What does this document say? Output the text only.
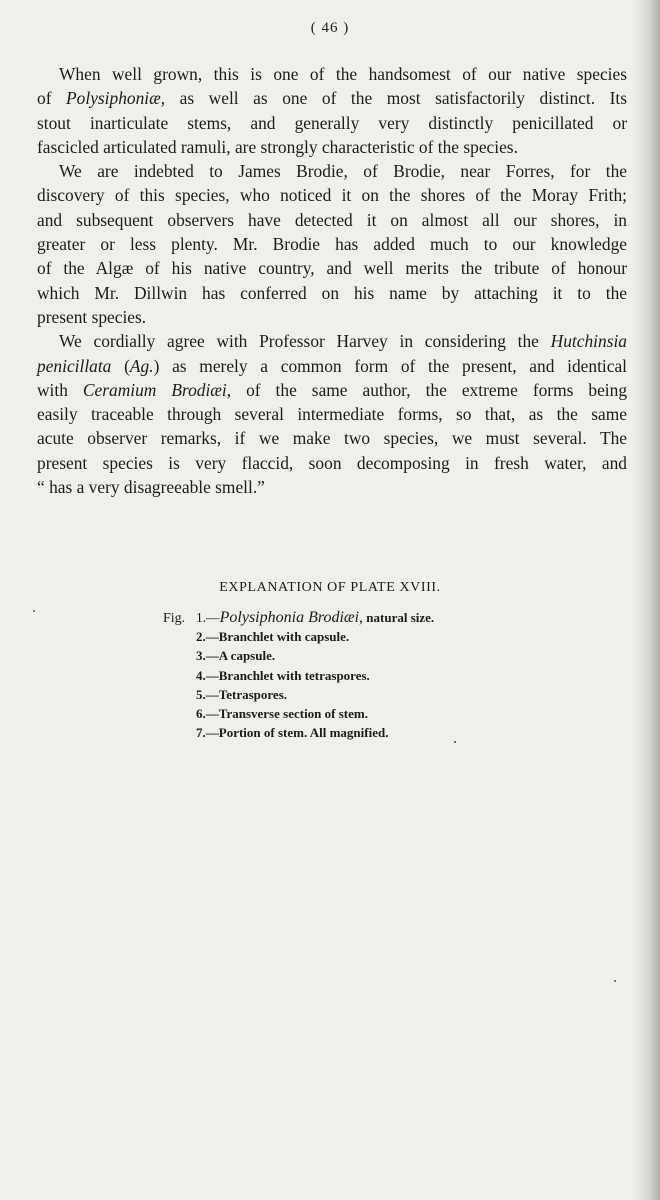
( 46 )
When well grown, this is one of the handsomest of our native species
of Polysiphoniæ, as well as one of the most satisfactorily distinct. Its
stout inarticulate stems, and generally very distinctly penicillated or
fascicled articulated ramuli, are strongly characteristic of the species.
We are indebted to James Brodie, of Brodie, near Forres, for the
discovery of this species, who noticed it on the shores of the Moray Frith;
and subsequent observers have detected it on almost all our shores, in
greater or less plenty. Mr. Brodie has added much to our knowledge
of the Algæ of his native country, and well merits the tribute of honour
which Mr. Dillwin has conferred on his name by attaching it to the
present species.
We cordially agree with Professor Harvey in considering the Hutchinsia
penicillata (Ag.) as merely a common form of the present, and identical
with Ceramium Brodiæi, of the same author, the extreme forms being
easily traceable through several intermediate forms, so that, as the same
acute observer remarks, if we make two species, we must several. The
present species is very flaccid, soon decomposing in fresh water, and
“ has a very disagreeable smell.”
EXPLANATION OF PLATE XVIII.
Fig. 1.—Polysiphonia Brodiæi, natural size.
2.—Branchlet with capsule.
3.—A capsule.
4.—Branchlet with tetraspores.
5.—Tetraspores.
6.—Transverse section of stem.
7.—Portion of stem. All magnified.
